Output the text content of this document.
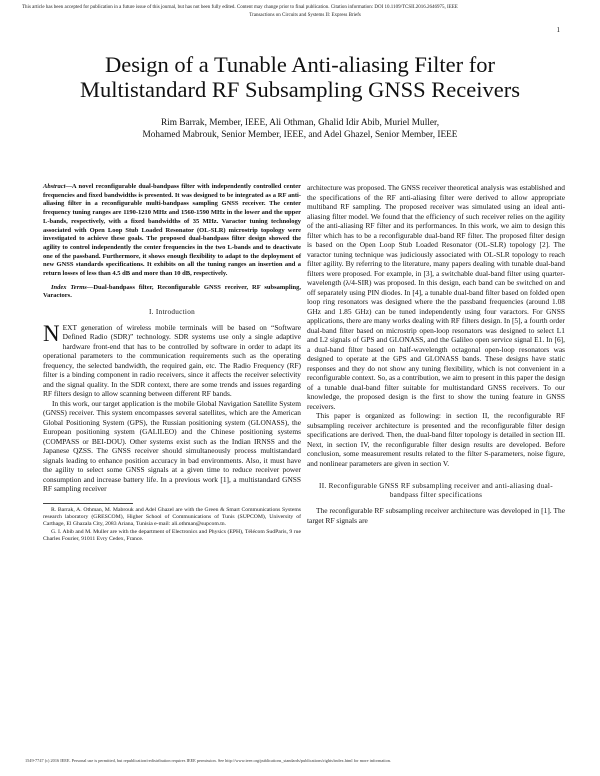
This article has been accepted for publication in a future issue of this journal, but has not been fully edited. Content may change prior to final publication. Citation information: DOI 10.1109/TCSII.2016.2646975, IEEE

Transactions on Circuits and Systems II: Express Briefs

1
Design of a Tunable Anti-aliasing Filter for
Multistandard RF Subsampling GNSS Receivers
Rim Barrak, Member, IEEE, Ali Othman, Ghalid Idir Abib, Muriel Muller,
Mohamed Mabrouk, Senior Member, IEEE, and Adel Ghazel, Senior Member, IEEE

Abstract—A novel reconfigurable dual-bandpass filter with independently controlled center frequencies and fixed bandwidths is presented. It was designed to be integrated as a RF anti-aliasing filter in a reconfigurable multi-bandpass sampling GNSS receiver. The center frequency tuning ranges are 1190-1210 MHz and 1560-1590 MHz in the lower and the upper L-bands, respectively, with a fixed bandwidths of 35 MHz. Varactor tuning technology associated with Open Loop Stub Loaded Resonator (OL-SLR) microstrip topology were investigated to achieve these goals. The proposed dual-bandpass filter design showed the agility to control independently the center frequencies in the two L-bands and to deactivate one of the passband. Furthermore, it shows enough flexibility to adapt to the deployment of new GNSS standards specifications. It exhibits on all the tuning ranges an insertion and a return losses of less than 4.5 dB and more than 10 dB, respectively.

Index Terms—Dual-bandpass filter, Reconfigurable GNSS receiver, RF subsampling, Varactors.

I. Introduction

NEXT generation of wireless mobile terminals will be based on “Software Defined Radio (SDR)” technology. SDR systems use only a single adaptive hardware front-end that has to be controlled by software in order to adapt its operational parameters to the communication requirements such as the operating frequency, the selected bandwidth, the required gain, etc. The Radio Frequency (RF) filter is a binding component in radio receivers, since it affects the receiver selectivity and the signal quality. In the SDR context, there are some trends and issues regarding RF filters design to allow scanning between different RF bands.

In this work, our target application is the mobile Global Navigation Satellite System (GNSS) receiver. This system encompasses several satellites, which are the American Global Positioning System (GPS), the Russian positioning system (GLONASS), the European positioning system (GALILEO) and the Chinese positioning systems (COMPASS or BEI-DOU). Other systems exist such as the Indian IRNSS and the Japanese QZSS. The GNSS receiver should simultaneously process multistandard signals leading to enhance position accuracy in bad environments. Also, it must have the agility to select some GNSS signals at a given time to reduce receiver power consumption and increase battery life. In a previous work [1], a multistandard GNSS RF sampling receiver

R. Barrak, A. Othman, M. Mabrouk and Adel Ghazel are with the Green & Smart Communications Systems research laboratory (GRESCOM), Higher School of Communications of Tunis (SUPCOM), University of Carthage, El Ghazala City, 2083 Ariana, Tunisia e-mail: ali.othman@supcom.tn.

G. I. Abib and M. Muller are with the department of Electronics and Physics (EPH), Télécom SudParis, 9 rue Charles Fourier, 91011 Evry Cedex, France.

architecture was proposed. The GNSS receiver theoretical analysis was established and the specifications of the RF anti-aliasing filter were derived to allow appropriate multiband RF sampling. The proposed receiver was simulated using an ideal anti-aliasing filter model. We found that the efficiency of such receiver relies on the agility of the anti-aliasing RF filter and its performances. In this work, we aim to design this filter which has to be a reconfigurable dual-band RF filter. The proposed filter design is based on the Open Loop Stub Loaded Resonator (OL-SLR) topology [2]. The varactor tuning technique was judiciously associated with OL-SLR topology to reach filter agility. By referring to the literature, many papers dealing with tunable dual-band filters were proposed. For example, in [3], a switchable dual-band filter using quarter-wavelength (λ/4-SIR) was proposed. In this design, each band can be switched on and off separately using PIN diodes. In [4], a tunable dual-band filter based on folded open loop ring resonators was designed where the the passband frequencies (around 1.08 GHz and 1.85 GHz) can be tuned independently using four varactors. For GNSS applications, there are many works dealing with RF filters design. In [5], a fourth order dual-band filter based on microstrip open-loop resonators was designed to select L1 and L2 signals of GPS and GLONASS, and the Galileo open service signal E1. In [6], a dual-band filter based on half-wavelength octagonal open-loop resonators was designed to operate at the GPS and GLONASS bands. These designs have static responses and they do not show any tuning flexibility, which is not convenient in a reconfigurable context. So, as a contribution, we aim to present in this paper the design of a tunable dual-band filter suitable for multistandard GNSS receivers. To our knowledge, the proposed design is the first to show the tuning feature in GNSS receivers.

This paper is organized as following: in section II, the reconfigurable RF subsampling receiver architecture is presented and the reconfigurable filter design specifications are derived. Then, the dual-band filter topology is detailed in section III. Next, in section IV, the reconfigurable filter design results are developed. Before conclusion, some measurement results related to the filter S-parameters, noise figure, and nonlinear parameters are given in section V.

II. Reconfigurable GNSS RF subsampling receiver and anti-aliasing dual-bandpass filter specifications

The reconfigurable RF subsampling receiver architecture was developed in [1]. The target RF signals are

1549-7747 (c) 2016 IEEE. Personal use is permitted, but republication/redistribution requires IEEE permission. See http://www.ieee.org/publications_standards/publications/rights/index.html for more information.
